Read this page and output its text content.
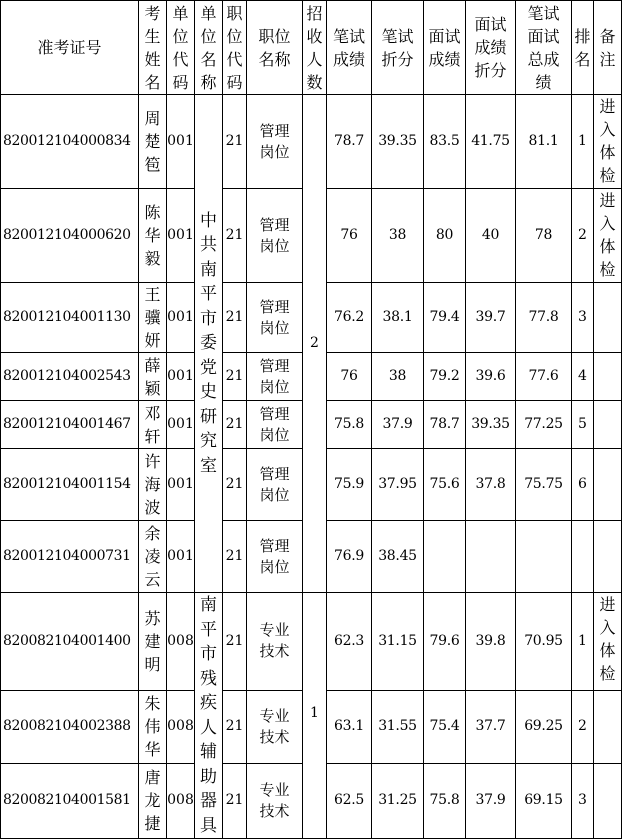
准考证号	考生姓名	单位代码	单位名称	职位代码	职位名称	招收人数	笔试成绩	笔试折分	面试成绩	面试成绩折分	笔试面试总成绩	排名	备注

820012104000834	周楚笣	001	中共南平市委党史研究室	21	管理岗位	2	78.7	39.35	83.5	41.75	81.1	1	进入体检

820012104000620	陈华毅	001		21	管理岗位		76	38	80	40	78	2	进入体检

820012104001130	王骥妍	001		21	管理岗位		76.2	38.1	79.4	39.7	77.8	3	

820012104002543	薛颖	001		21	管理岗位		76	38	79.2	39.6	77.6	4	

820012104001467	邓轩	001		21	管理岗位		75.8	37.9	78.7	39.35	77.25	5	

820012104001154	许海波	001		21	管理岗位		75.9	37.95	75.6	37.8	75.75	6	

820012104000731	余凌云	001		21	管理岗位		76.9	38.45					

820082104001400	苏建明	008	南平市残疾人辅助器具	21	专业技术	1	62.3	31.15	79.6	39.8	70.95	1	进入体检

820082104002388	朱伟华	008		21	专业技术		63.1	31.55	75.4	37.7	69.25	2	

820082104001581	唐龙捷	008		21	专业技术		62.5	31.25	75.8	37.9	69.15	3	
